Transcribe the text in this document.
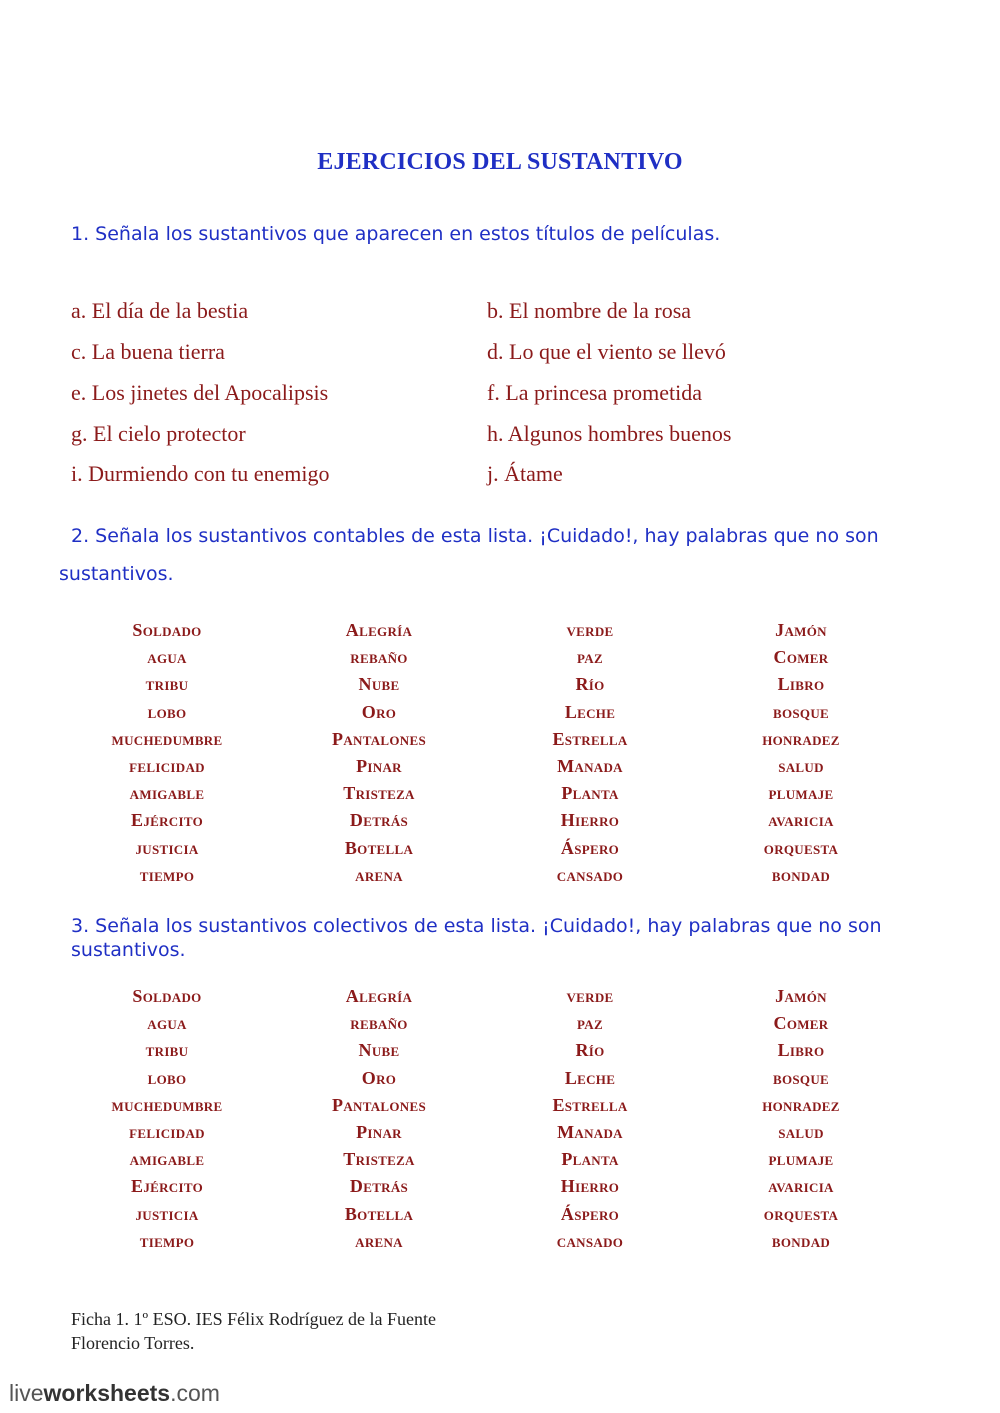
EJERCICIOS DEL SUSTANTIVO
1. Señala los sustantivos que aparecen en estos títulos de películas.
a. El día de la bestia	b. El nombre de la rosa
c. La buena tierra	d. Lo que el viento se llevó
e. Los jinetes del Apocalipsis	f. La princesa prometida
g. El cielo protector	h. Algunos hombres buenos
i. Durmiendo con tu enemigo	j. Átame
2. Señala los sustantivos contables de esta lista. ¡Cuidado!, hay palabras que no son
sustantivos.
Soldado	Alegría	verde	Jamón
agua	rebaño	paz	Comer
tribu	Nube	Río	Libro
lobo	Oro	Leche	bosque
muchedumbre	Pantalones	Estrella	honradez
felicidad	Pinar	Manada	salud
amigable	Tristeza	Planta	plumaje
Ejército	Detrás	Hierro	avaricia
justicia	Botella	Áspero	orquesta
tiempo	arena	cansado	bondad
3. Señala los sustantivos colectivos de esta lista. ¡Cuidado!, hay palabras que no son sustantivos.
Soldado	Alegría	verde	Jamón
agua	rebaño	paz	Comer
tribu	Nube	Río	Libro
lobo	Oro	Leche	bosque
muchedumbre	Pantalones	Estrella	honradez
felicidad	Pinar	Manada	salud
amigable	Tristeza	Planta	plumaje
Ejército	Detrás	Hierro	avaricia
justicia	Botella	Áspero	orquesta
tiempo	arena	cansado	bondad
Ficha 1. 1º ESO. IES Félix Rodríguez de la Fuente
Florencio Torres.
liveworksheets.com
